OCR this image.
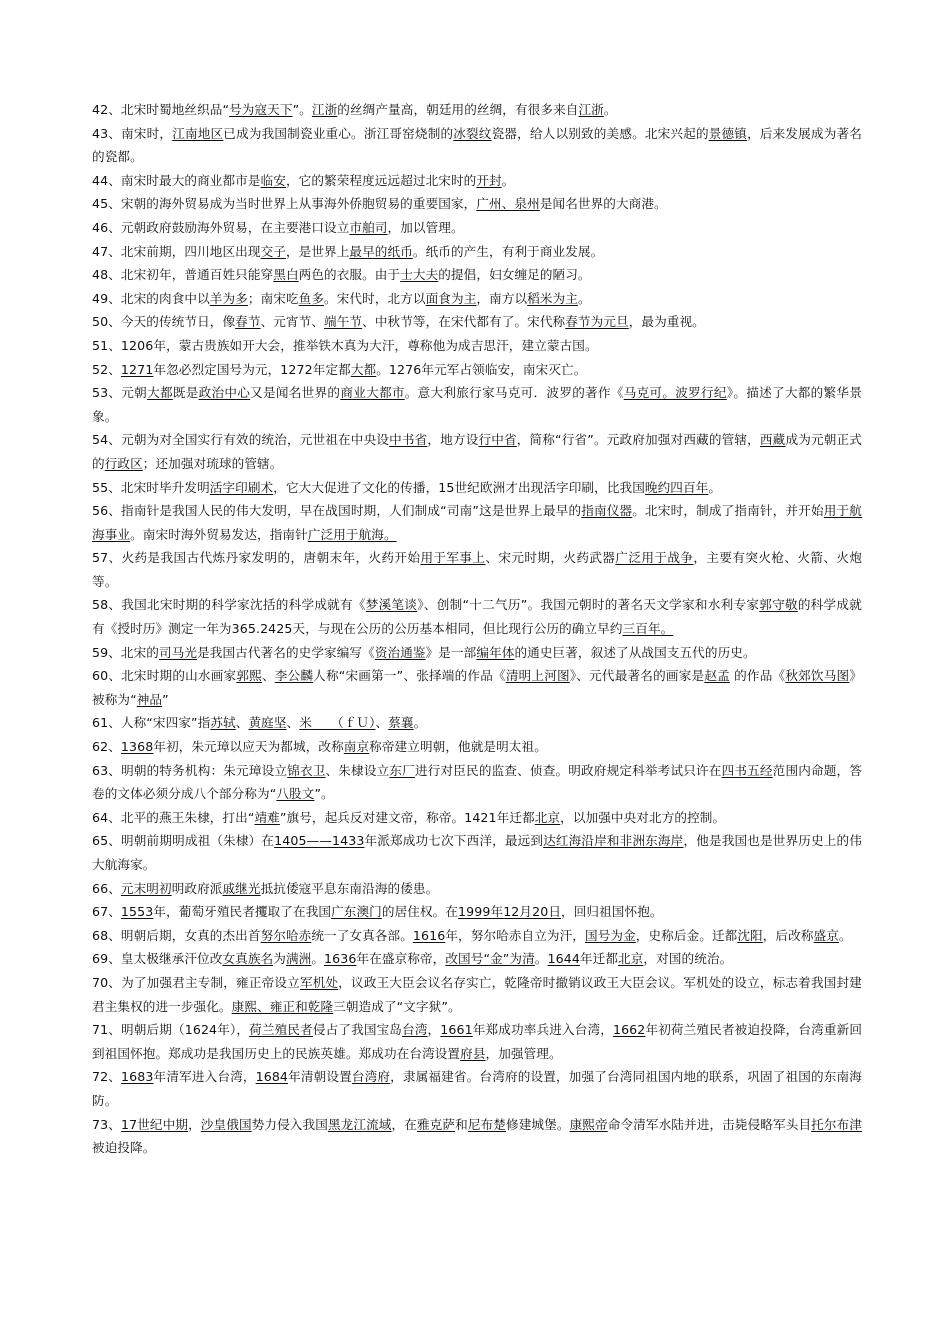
42、北宋时蜀地丝织品“号为寇天下”。江浙的丝绸产量高，朝廷用的丝绸，有很多来自江浙。

43、南宋时，江南地区已成为我国制瓷业重心。浙江哥窑烧制的冰裂纹瓷器，给人以别致的美感。北宋兴起的景德镇，后来发展成为著名的瓷都。

44、南宋时最大的商业都市是临安，它的繁荣程度远远超过北宋时的开封。

45、宋朝的海外贸易成为当时世界上从事海外侨胞贸易的重要国家，广州、泉州是闻名世界的大商港。

46、元朝政府鼓励海外贸易，在主要港口设立市舶司，加以管理。

47、北宋前期，四川地区出现交子，是世界上最早的纸币。纸币的产生，有利于商业发展。

48、北宋初年，普通百姓只能穿黑白两色的衣服。由于士大夫的提倡，妇女缠足的陋习。

49、北宋的肉食中以羊为多；南宋吃鱼多。宋代时，北方以面食为主，南方以稻米为主。

50、今天的传统节日，像春节、元宵节、端午节、中秋节等，在宋代都有了。宋代称春节为元旦，最为重视。

51、1206年，蒙古贵族如开大会，推举铁木真为大汗，尊称他为成吉思汗，建立蒙古国。

52、1271年忽必烈定国号为元，1272年定都大都。1276年元军占领临安，南宋灭亡。

53、元朝大都既是政治中心又是闻名世界的商业大都市。意大利旅行家马克可．波罗的著作《马克可。波罗行纪》。描述了大都的繁华景象。

54、元朝为对全国实行有效的统治，元世祖在中央设中书省，地方设行中省，简称“行省”。元政府加强对西藏的管辖，西藏成为元朝正式的行政区；还加强对琉球的管辖。

55、北宋时毕升发明活字印刷术，它大大促进了文化的传播，15世纪欧洲才出现活字印刷，比我国晚约四百年。

56、指南针是我国人民的伟大发明，早在战国时期，人们制成“司南”这是世界上最早的指南仪器。北宋时，制成了指南针，并开始用于航海事业。南宋时海外贸易发达，指南针广泛用于航海。

57、火药是我国古代炼丹家发明的，唐朝末年，火药开始用于军事上、宋元时期，火药武器广泛用于战争，主要有突火枪、火箭、火炮等。

58、我国北宋时期的科学家沈括的科学成就有《梦溪笔谈》、创制“十二气历”。我国元朝时的著名天文学家和水利专家郭守敬的科学成就有《授时历》测定一年为365.2425天，与现在公历的公历基本相同，但比现行公历的确立早约三百年。

59、北宋的司马光是我国古代著名的史学家编写《资治通鉴》是一部编年体的通史巨著，叙述了从战国支五代的历史。

60、北宋时期的山水画家郭熙、李公麟人称“宋画第一”、张择端的作品《清明上河图》、元代最著名的画家是赵孟 的作品《秋郊饮马图》被称为“神品”

61、人称“宋四家”指苏轼、黄庭坚、米　　（ｆＵ）、蔡襄。

62、1368年初，朱元璋以应天为都城，改称南京称帝建立明朝，他就是明太祖。

63、明朝的特务机构：朱元璋设立锦衣卫、朱棣设立东厂进行对臣民的监查、侦查。明政府规定科举考试只许在四书五经范围内命题，答卷的文体必须分成八个部分称为“八股文”。

64、北平的燕王朱棣，打出“靖难”旗号，起兵反对建文帝，称帝。1421年迁都北京，以加强中央对北方的控制。

65、明朝前期明成祖（朱棣）在1405——1433年派郑成功七次下西洋，最远到达红海沿岸和非洲东海岸，他是我国也是世界历史上的伟大航海家。

66、元末明初明政府派戚继光抵抗倭寇平息东南沿海的倭患。

67、1553年，葡萄牙殖民者攫取了在我国广东澳门的居住权。在1999年12月20日，回归祖国怀抱。

68、明朝后期，女真的杰出首努尔哈赤统一了女真各部。1616年，努尔哈赤自立为汗，国号为金，史称后金。迁都沈阳，后改称盛京。

69、皇太极继承汗位改女真族名为满洲。1636年在盛京称帝，改国号“金”为清。1644年迁都北京，对国的统治。

70、为了加强君主专制，雍正帝设立军机处，议政王大臣会议名存实亡，乾隆帝时撤销议政王大臣会议。军机处的设立，标志着我国封建君主集权的进一步强化。康熙、雍正和乾隆三朝造成了“文字狱”。

71、明朝后期（1624年），荷兰殖民者侵占了我国宝岛台湾，1661年郑成功率兵进入台湾，1662年初荷兰殖民者被迫投降，台湾重新回到祖国怀抱。郑成功是我国历史上的民族英雄。郑成功在台湾设置府县，加强管理。

72、1683年清军进入台湾，1684年清朝设置台湾府，隶属福建省。台湾府的设置，加强了台湾同祖国内地的联系，巩固了祖国的东南海防。

73、17世纪中期，沙皇俄国势力侵入我国黑龙江流域，在雅克萨和尼布楚修建城堡。康熙帝命令清军水陆并进，击毙侵略军头目托尔布津被迫投降。
